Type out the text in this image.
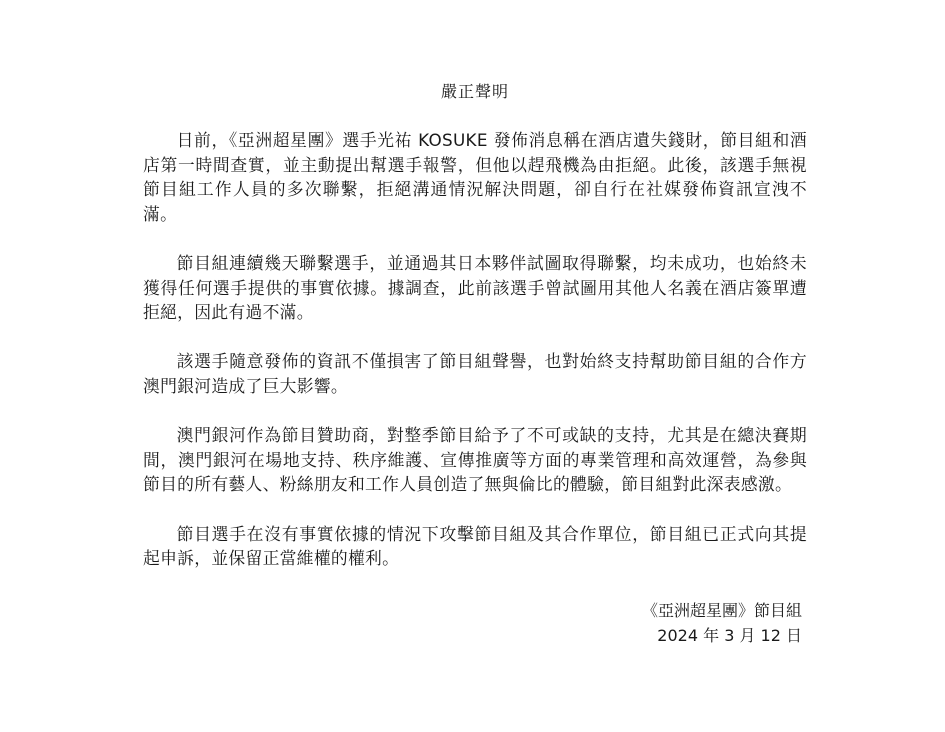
嚴正聲明

日前，《亞洲超星團》選手光祐 KOSUKE 發佈消息稱在酒店遺失錢財，節目組和酒店第一時間查實，並主動提出幫選手報警，但他以趕飛機為由拒絕。此後，該選手無視節目組工作人員的多次聯繫，拒絕溝通情況解決問題，卻自行在社媒發佈資訊宣洩不滿。

節目組連續幾天聯繫選手，並通過其日本夥伴試圖取得聯繫，均未成功，也始終未獲得任何選手提供的事實依據。據調查，此前該選手曾試圖用其他人名義在酒店簽單遭拒絕，因此有過不滿。

該選手隨意發佈的資訊不僅損害了節目組聲譽，也對始終支持幫助節目組的合作方澳門銀河造成了巨大影響。

澳門銀河作為節目贊助商，對整季節目給予了不可或缺的支持，尤其是在總決賽期間，澳門銀河在場地支持、秩序維護、宣傳推廣等方面的專業管理和高效運營，為參與節目的所有藝人、粉絲朋友和工作人員创造了無與倫比的體驗，節目組對此深表感激。

節目選手在沒有事實依據的情況下攻擊節目組及其合作單位，節目組已正式向其提起申訴，並保留正當維權的權利。

《亞洲超星團》節目組
2024 年 3 月 12 日
